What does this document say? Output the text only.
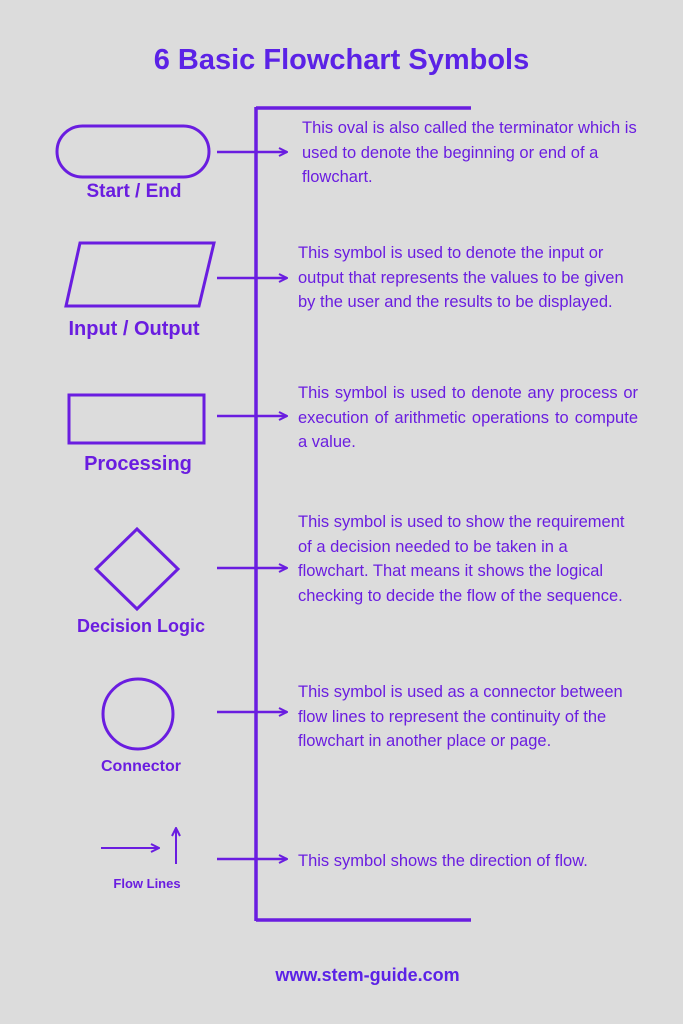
6 Basic Flowchart Symbols
Start / End
Input / Output
Processing
Decision Logic
Connector
Flow Lines
This oval is also called the terminator which is used to denote the beginning or end of a flowchart.
This symbol is used to denote the input or output that represents the values to be given by the user and the results to be displayed.
This symbol is used to denote any process or execution of arithmetic operations to compute a value.
This symbol is used to show the requirement of a decision needed to be taken in a flowchart. That means it shows the logical checking to decide the flow of the sequence.
This symbol is used as a connector between flow lines to represent the continuity of the flowchart in another place or page.
This symbol shows the direction of flow.
www.stem-guide.com
